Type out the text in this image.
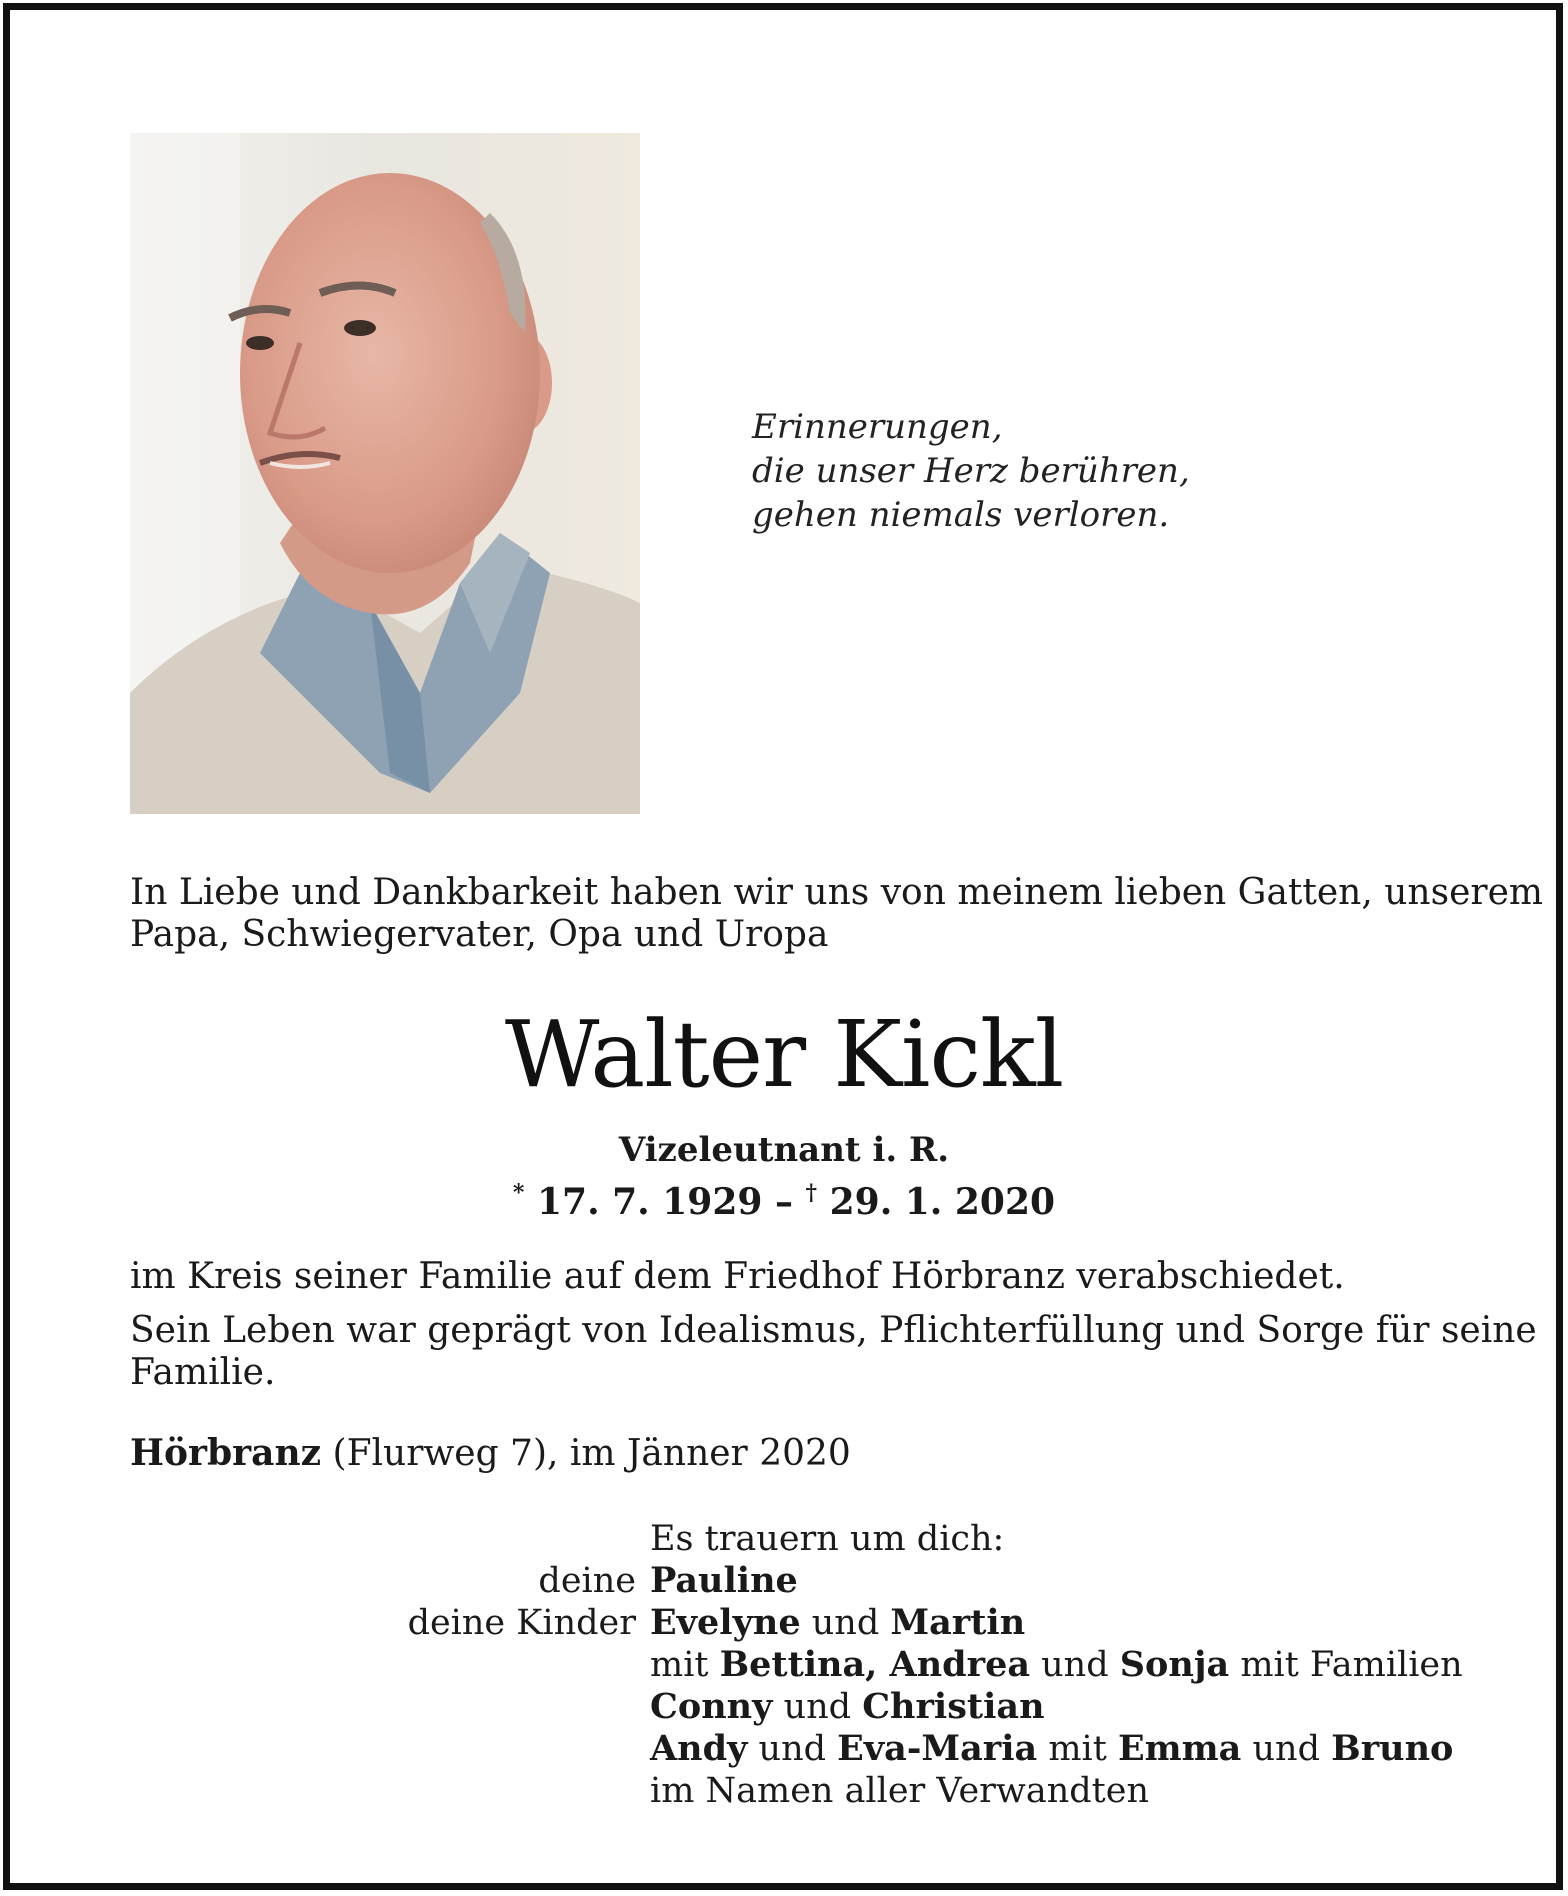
Erinnerungen,
die unser Herz berühren,
gehen niemals verloren.
In Liebe und Dankbarkeit haben wir uns von meinem lieben Gatten, unserem
Papa, Schwiegervater, Opa und Uropa
Walter Kickl
Vizeleutnant i. R.
* 17. 7. 1929 – † 29. 1. 2020
im Kreis seiner Familie auf dem Friedhof Hörbranz verabschiedet.
Sein Leben war geprägt von Idealismus, Pflichterfüllung und Sorge für seine
Familie.
Hörbranz (Flurweg 7), im Jänner 2020
Es trauern um dich:
deine Pauline
deine Kinder Evelyne und Martin
mit Bettina, Andrea und Sonja mit Familien
Conny und Christian
Andy und Eva-Maria mit Emma und Bruno
im Namen aller Verwandten
